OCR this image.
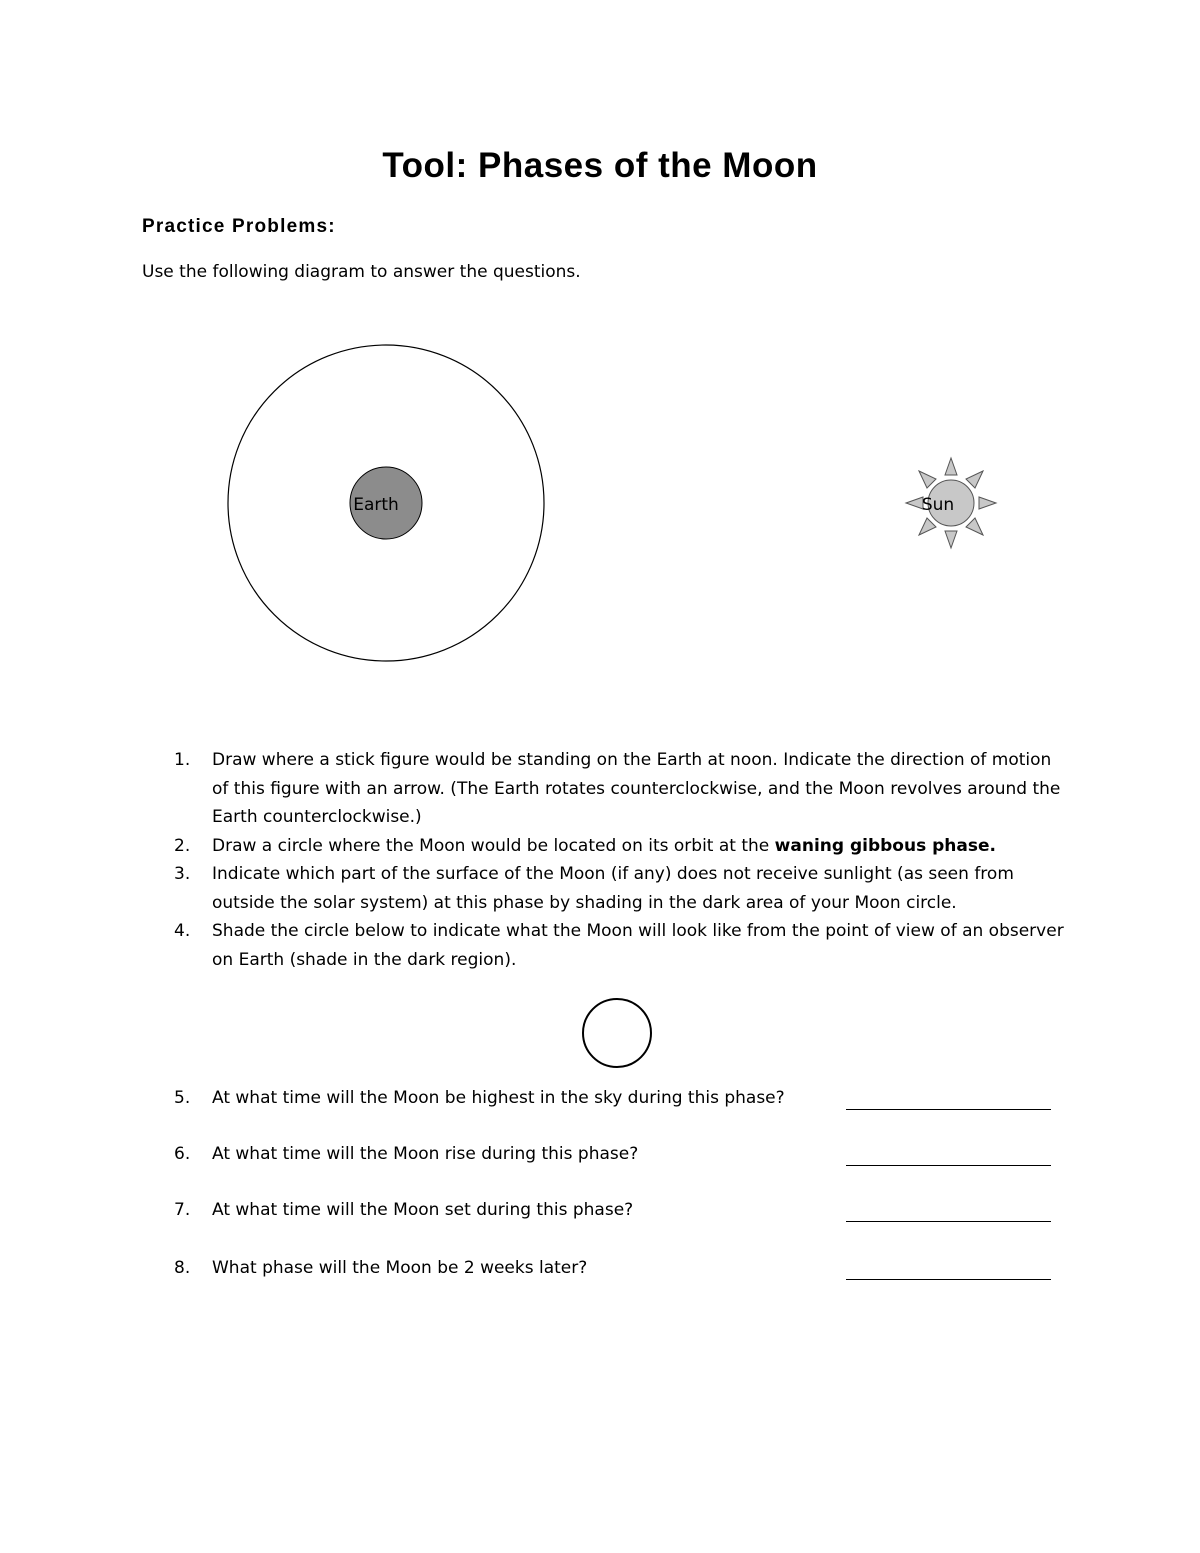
Tool: Phases of the Moon
Practice Problems:

Use the following diagram to answer the questions.

Earth	Sun
1. Draw where a stick figure would be standing on the Earth at noon. Indicate the direction of motion of this figure with an arrow. (The Earth rotates counterclockwise, and the Moon revolves around the Earth counterclockwise.)
2. Draw a circle where the Moon would be located on its orbit at the waning gibbous phase.
3. Indicate which part of the surface of the Moon (if any) does not receive sunlight (as seen from outside the solar system) at this phase by shading in the dark area of your Moon circle.
4. Shade the circle below to indicate what the Moon will look like from the point of view of an observer on Earth (shade in the dark region).
5. At what time will the Moon be highest in the sky during this phase?
6. At what time will the Moon rise during this phase?
7. At what time will the Moon set during this phase?
8. What phase will the Moon be 2 weeks later?
